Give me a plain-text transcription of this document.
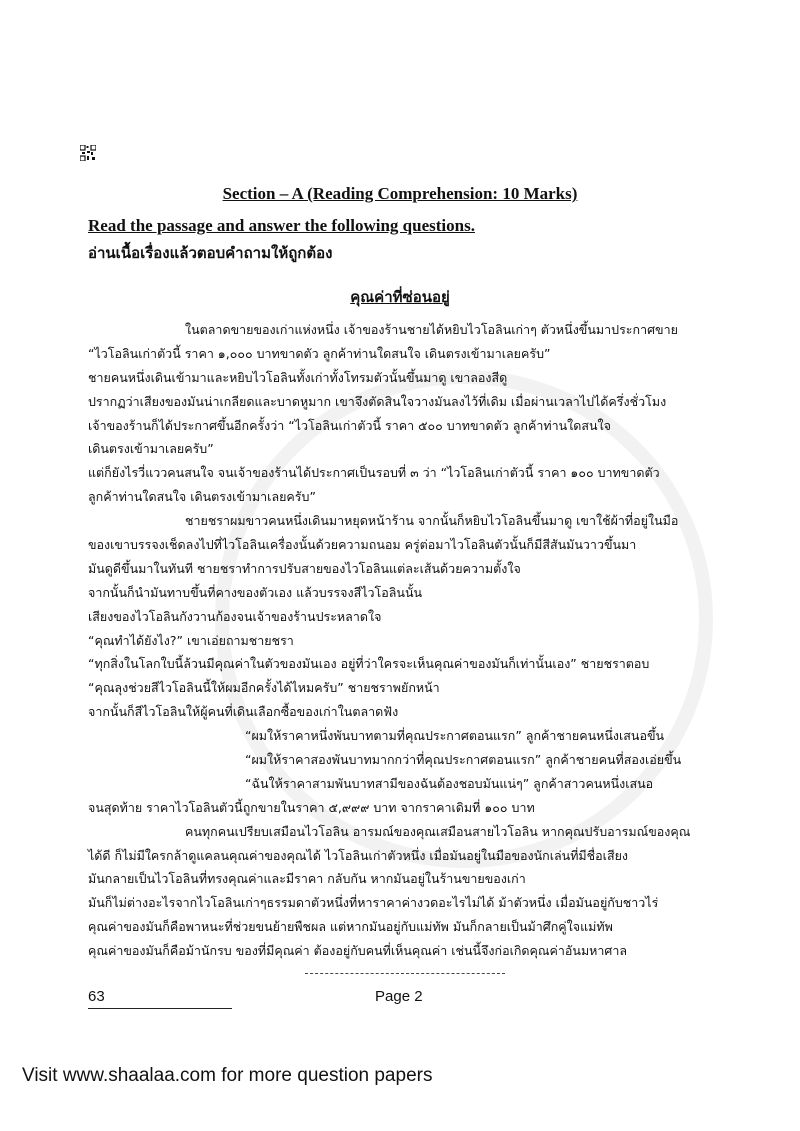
Section – A (Reading Comprehension: 10 Marks)
Read the passage and answer the following questions.
อ่านเนื้อเรื่องแล้วตอบคำถามให้ถูกต้อง
คุณค่าที่ซ่อนอยู่
ในตลาดขายของเก่าแห่งหนึ่ง เจ้าของร้านชายได้หยิบไวโอลินเก่าๆ ตัวหนึ่งขึ้นมาประกาศขาย
“ไวโอลินเก่าตัวนี้ ราคา ๑,๐๐๐ บาทขาดตัว ลูกค้าท่านใดสนใจ เดินตรงเข้ามาเลยครับ”
ชายคนหนึ่งเดินเข้ามาและหยิบไวโอลินทั้งเก่าทั้งโทรมตัวนั้นขึ้นมาดู เขาลองสีดู
ปรากฏว่าเสียงของมันน่าเกลียดและบาดหูมาก เขาจึงตัดสินใจวางมันลงไว้ที่เดิม เมื่อผ่านเวลาไปได้ครึ่งชั่วโมง
เจ้าของร้านก็ได้ประกาศขึ้นอีกครั้งว่า “ไวโอลินเก่าตัวนี้ ราคา ๕๐๐ บาทขาดตัว ลูกค้าท่านใดสนใจ
เดินตรงเข้ามาเลยครับ”
แต่ก็ยังไรวี่แววคนสนใจ จนเจ้าของร้านได้ประกาศเป็นรอบที่ ๓ ว่า “ไวโอลินเก่าตัวนี้ ราคา ๑๐๐ บาทขาดตัว
ลูกค้าท่านใดสนใจ เดินตรงเข้ามาเลยครับ”
ชายชราผมขาวคนหนึ่งเดินมาหยุดหน้าร้าน จากนั้นก็หยิบไวโอลินขึ้นมาดู เขาใช้ผ้าที่อยู่ในมือ
ของเขาบรรจงเช็ดลงไปที่ไวโอลินเครื่องนั้นด้วยความถนอม ครู่ต่อมาไวโอลินตัวนั้นก็มีสีสันมันวาวขึ้นมา
มันดูดีขึ้นมาในทันที ชายชราทำการปรับสายของไวโอลินแต่ละเส้นด้วยความตั้งใจ
จากนั้นก็นำมันทาบขึ้นที่คางของตัวเอง แล้วบรรจงสีไวโอลินนั้น
เสียงของไวโอลินกังวานก้องจนเจ้าของร้านประหลาดใจ
“คุณทำได้ยังไง?” เขาเอ่ยถามชายชรา
“ทุกสิ่งในโลกใบนี้ล้วนมีคุณค่าในตัวของมันเอง อยู่ที่ว่าใครจะเห็นคุณค่าของมันก็เท่านั้นเอง” ชายชราตอบ
“คุณลุงช่วยสีไวโอลินนี้ให้ผมอีกครั้งได้ไหมครับ” ชายชราพยักหน้า
จากนั้นก็สีไวโอลินให้ผู้คนที่เดินเลือกซื้อของเก่าในตลาดฟัง
“ผมให้ราคาหนึ่งพันบาทตามที่คุณประกาศตอนแรก” ลูกค้าชายคนหนึ่งเสนอขึ้น
“ผมให้ราคาสองพันบาทมากกว่าที่คุณประกาศตอนแรก” ลูกค้าชายคนที่สองเอ่ยขึ้น
“ฉันให้ราคาสามพันบาทสามีของฉันต้องชอบมันแน่ๆ” ลูกค้าสาวคนหนึ่งเสนอ
จนสุดท้าย ราคาไวโอลินตัวนี้ถูกขายในราคา ๕,๙๙๙ บาท จากราคาเดิมที่ ๑๐๐ บาท
คนทุกคนเปรียบเสมือนไวโอลิน อารมณ์ของคุณเสมือนสายไวโอลิน หากคุณปรับอารมณ์ของคุณ
ได้ดี ก็ไม่มีใครกล้าดูแคลนคุณค่าของคุณได้ ไวโอลินเก่าตัวหนึ่ง เมื่อมันอยู่ในมือของนักเล่นที่มีชื่อเสียง
มันกลายเป็นไวโอลินที่ทรงคุณค่าและมีราคา กลับกัน หากมันอยู่ในร้านขายของเก่า
มันก็ไม่ต่างอะไรจากไวโอลินเก่าๆธรรมดาตัวหนึ่งที่หาราคาค่างวดอะไรไม่ได้ ม้าตัวหนึ่ง เมื่อมันอยู่กับชาวไร่
คุณค่าของมันก็คือพาหนะที่ช่วยขนย้ายพืชผล แต่หากมันอยู่กับแม่ทัพ มันก็กลายเป็นม้าศึกคู่ใจแม่ทัพ
คุณค่าของมันก็คือม้านักรบ ของที่มีคุณค่า ต้องอยู่กับคนที่เห็นคุณค่า เช่นนี้จึงก่อเกิดคุณค่าอันมหาศาล
63	Page 2
Visit www.shaalaa.com for more question papers
